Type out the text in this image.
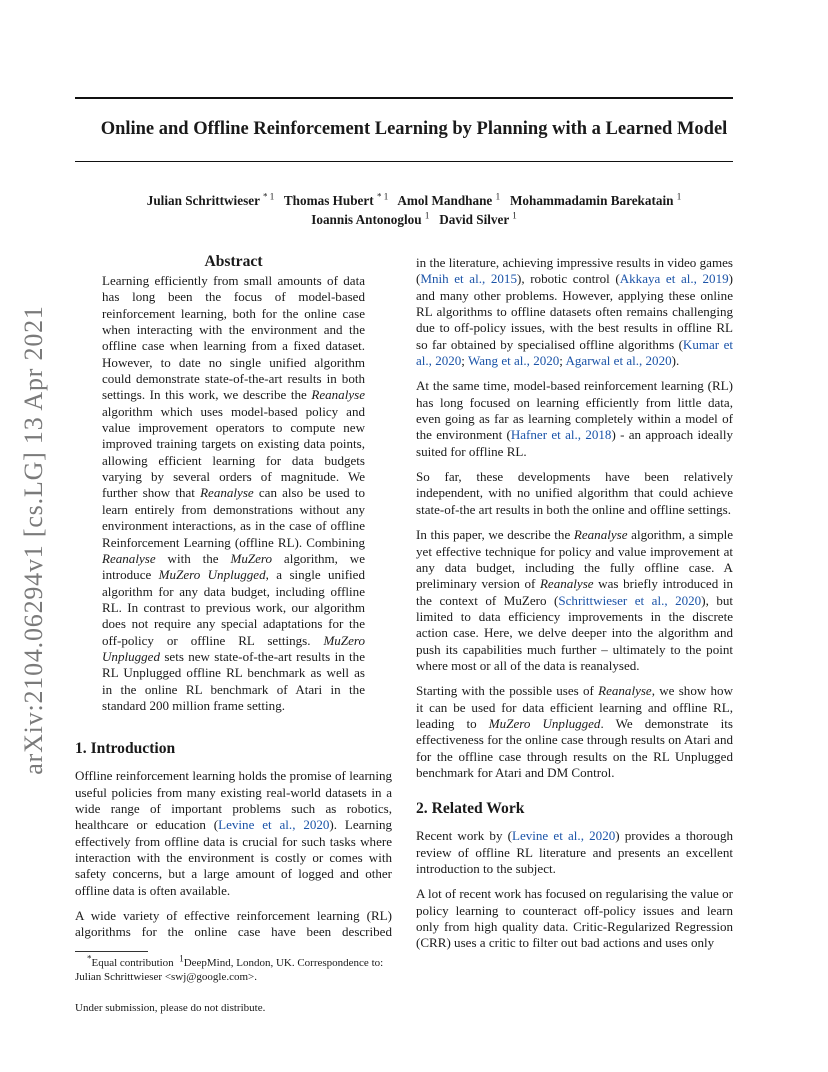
Online and Offline Reinforcement Learning by Planning with a Learned Model
Julian Schrittwieser $^{* 1}$ Thomas Hubert $^{* 1}$ Amol Mandhane $^1$ Mohammadamin Barekatain $^1$
Ioannis Antonoglou $^1$ David Silver $^1$
arXiv:2104.06294v1 [cs.LG] 13 Apr 2021
Abstract

Learning efficiently from small amounts of data has long been the focus of model-based reinforcement learning, both for the online case when interacting with the environment and the offline case when learning from a fixed dataset. However, to date no single unified algorithm could demonstrate state-of-the-art results in both settings. In this work, we describe the Reanalyse algorithm which uses model-based policy and value improvement operators to compute new improved training targets on existing data points, allowing efficient learning for data budgets varying by several orders of magnitude. We further show that Reanalyse can also be used to learn entirely from demonstrations without any environment interactions, as in the case of offline Reinforcement Learning (offline RL). Combining Reanalyse with the MuZero algorithm, we introduce MuZero Unplugged, a single unified algorithm for any data budget, including offline RL. In contrast to previous work, our algorithm does not require any special adaptations for the off-policy or offline RL settings. MuZero Unplugged sets new state-of-the-art results in the RL Unplugged offline RL benchmark as well as in the online RL benchmark of Atari in the standard 200 million frame setting.

1. Introduction

Offline reinforcement learning holds the promise of learning useful policies from many existing real-world datasets in a wide range of important problems such as robotics, healthcare or education (Levine et al., 2020). Learning effectively from offline data is crucial for such tasks where interaction with the environment is costly or comes with safety concerns, but a large amount of logged and other offline data is often available.

A wide variety of effective reinforcement learning (RL) algorithms for the online case have been described

*Equal contribution $^1$DeepMind, London, UK. Correspondence to: Julian Schrittwieser <swj@google.com>.
Under submission, please do not distribute.

in the literature, achieving impressive results in video games (Mnih et al., 2015), robotic control (Akkaya et al., 2019) and many other problems. However, applying these online RL algorithms to offline datasets often remains challenging due to off-policy issues, with the best results in offline RL so far obtained by specialised offline algorithms (Kumar et al., 2020; Wang et al., 2020; Agarwal et al., 2020).

At the same time, model-based reinforcement learning (RL) has long focused on learning efficiently from little data, even going as far as learning completely within a model of the environment (Hafner et al., 2018) - an approach ideally suited for offline RL.

So far, these developments have been relatively independent, with no unified algorithm that could achieve state-of-the art results in both the online and offline settings.

In this paper, we describe the Reanalyse algorithm, a simple yet effective technique for policy and value improvement at any data budget, including the fully offline case. A preliminary version of Reanalyse was briefly introduced in the context of MuZero (Schrittwieser et al., 2020), but limited to data efficiency improvements in the discrete action case. Here, we delve deeper into the algorithm and push its capabilities much further – ultimately to the point where most or all of the data is reanalysed.

Starting with the possible uses of Reanalyse, we show how it can be used for data efficient learning and offline RL, leading to MuZero Unplugged. We demonstrate its effectiveness for the online case through results on Atari and for the offline case through results on the RL Unplugged benchmark for Atari and DM Control.

2. Related Work

Recent work by (Levine et al., 2020) provides a thorough review of offline RL literature and presents an excellent introduction to the subject.

A lot of recent work has focused on regularising the value or policy learning to counteract off-policy issues and learn only from high quality data. Critic-Regularized Regression (CRR) uses a critic to filter out bad actions and uses only
